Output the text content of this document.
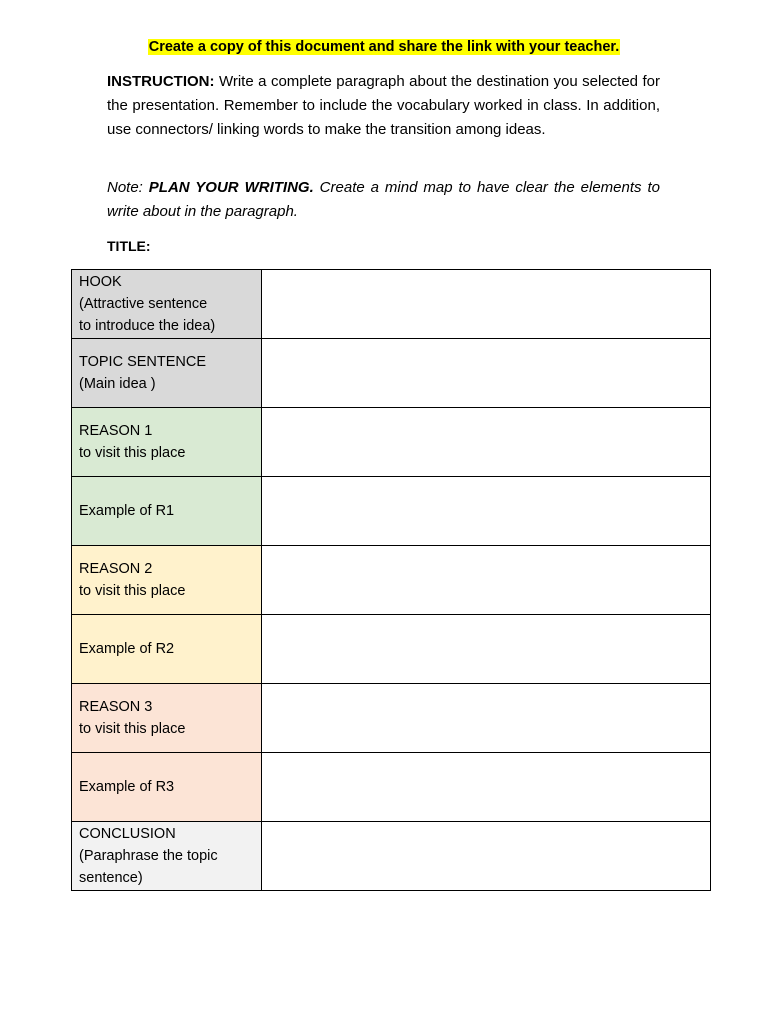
Create a copy of this document and share the link with your teacher.

INSTRUCTION: Write a complete paragraph about the destination you selected for the presentation. Remember to include the vocabulary worked in class. In addition, use connectors/ linking words to make the transition among ideas.

Note: PLAN YOUR WRITING. Create a mind map to have clear the elements to write about in the paragraph.

TITLE:
HOOK
(Attractive sentence
to introduce the idea)	

TOPIC SENTENCE
(Main idea )	

REASON 1
to visit this place	

Example of R1	

REASON 2
to visit this place	

Example of R2	

REASON 3
to visit this place	

Example of R3	

CONCLUSION
(Paraphrase the topic
sentence)	
